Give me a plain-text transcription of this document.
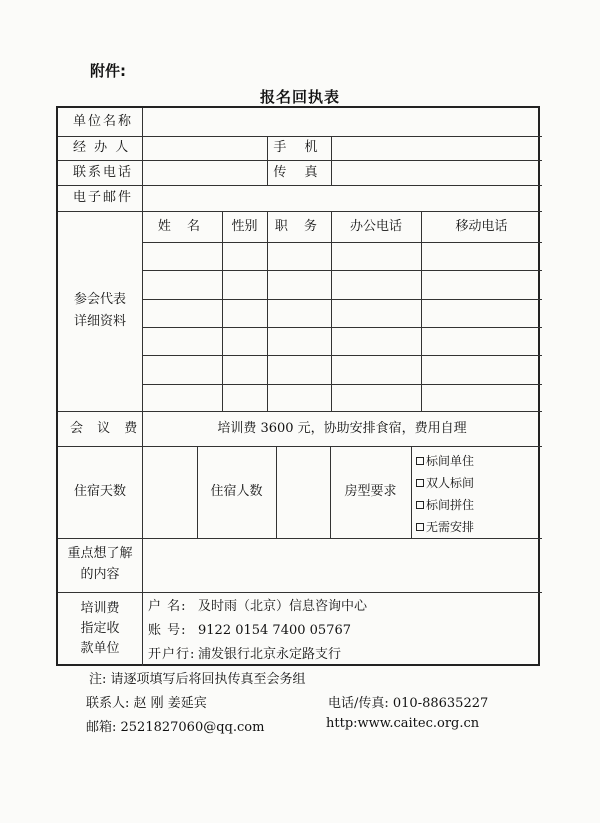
附件:
报名回执表
单位名称
经 办 人	手 机
联系电话	传 真
电子邮件
参会代表
详细资料
姓 名	性别	职 务	办公电话	移动电话
会 议 费	培训费 3600 元，协助安排食宿，费用自理
住宿天数	住宿人数	房型要求
标间单住
双人标间
标间拼住
无需安排
重点想了解
的内容
培训费
指定收
款单位
户 名: 及时雨（北京）信息咨询中心
账 号: 9122 0154 7400 05767
开户行: 浦发银行北京永定路支行
注: 请逐项填写后将回执传真至会务组
联系人: 赵 刚 姜延宾	电话/传真: 010-88635227
邮箱: 2521827060@qq.com	http:www.caitec.org.cn
